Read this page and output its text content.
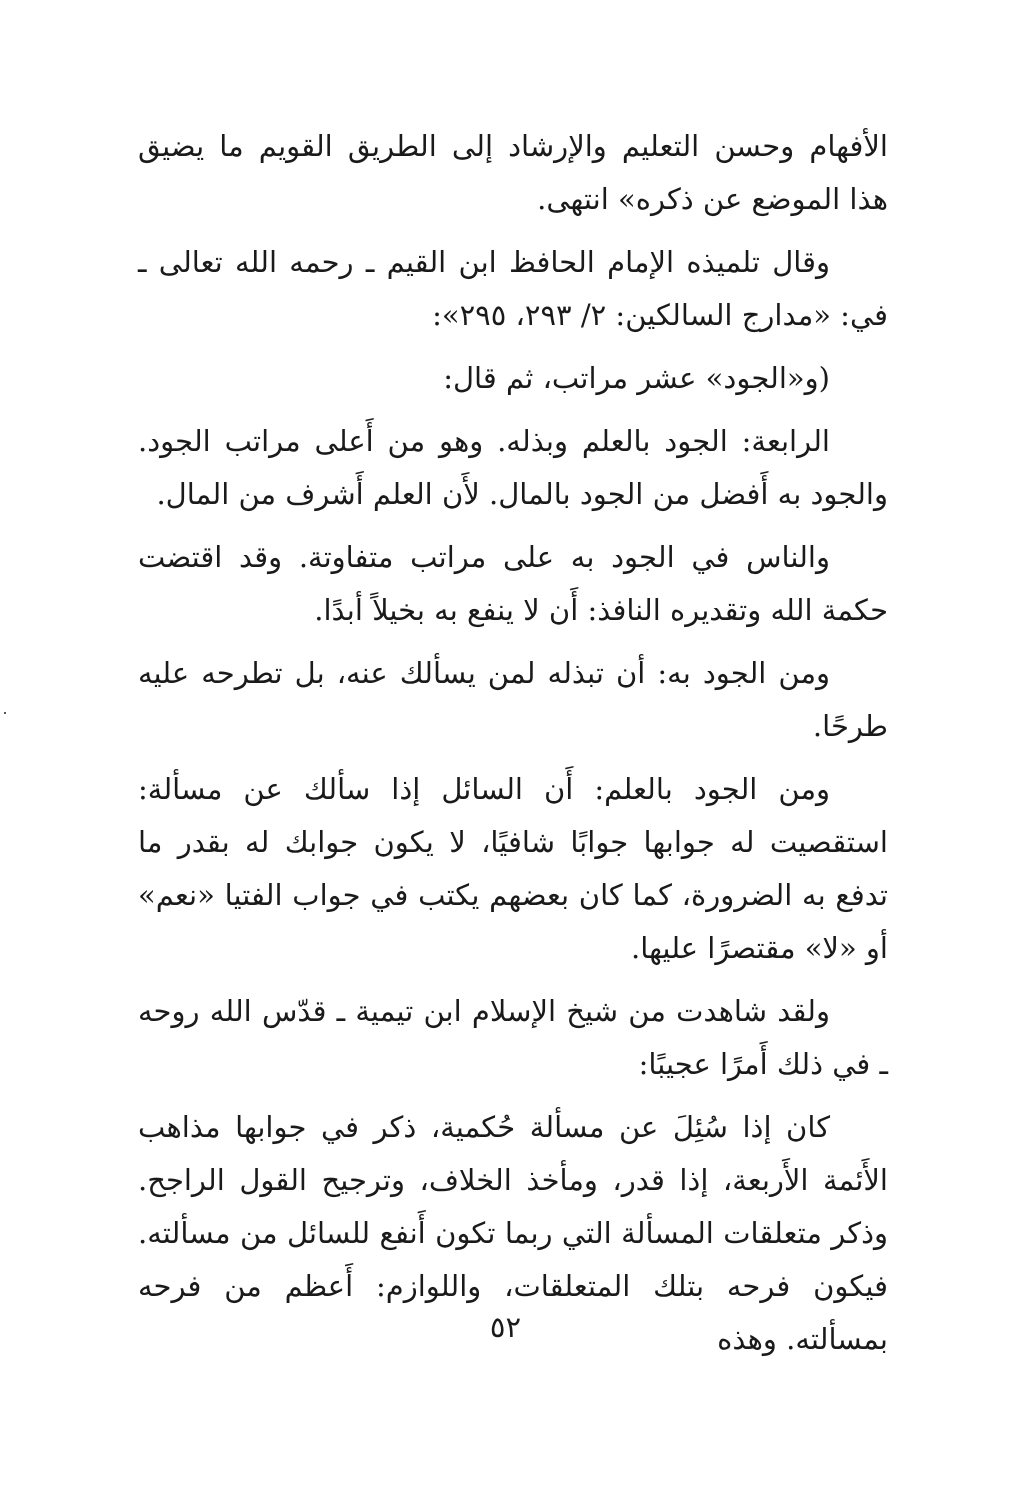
الأفهام وحسن التعليم والإرشاد إلى الطريق القويم ما يضيق هذا الموضع عن ذكره» انتهى.

وقال تلميذه الإمام الحافظ ابن القيم ـ رحمه الله تعالى ـ في: «مدارج السالكين: ٢/ ٢٩٣، ٢٩٥»:

(و«الجود» عشر مراتب، ثم قال:

الرابعة: الجود بالعلم وبذله. وهو من أَعلى مراتب الجود. والجود به أَفضل من الجود بالمال. لأَن العلم أَشرف من المال.

والناس في الجود به على مراتب متفاوتة. وقد اقتضت حكمة الله وتقديره النافذ: أَن لا ينفع به بخيلاً أبدًا.

ومن الجود به: أن تبذله لمن يسألك عنه، بل تطرحه عليه طرحًا.

ومن الجود بالعلم: أَن السائل إذا سألك عن مسألة: استقصيت له جوابها جوابًا شافيًا، لا يكون جوابك له بقدر ما تدفع به الضرورة، كما كان بعضهم يكتب في جواب الفتيا «نعم» أو «لا» مقتصرًا عليها.

ولقد شاهدت من شيخ الإسلام ابن تيمية ـ قدّس الله روحه ـ في ذلك أَمرًا عجيبًا:

كان إذا سُئِلَ عن مسألة حُكمية، ذكر في جوابها مذاهب الأَئمة الأَربعة، إذا قدر، ومأخذ الخلاف، وترجيح القول الراجح. وذكر متعلقات المسألة التي ربما تكون أَنفع للسائل من مسألته. فيكون فرحه بتلك المتعلقات، واللوازم: أَعظم من فرحه بمسألته. وهذه

٥٢
